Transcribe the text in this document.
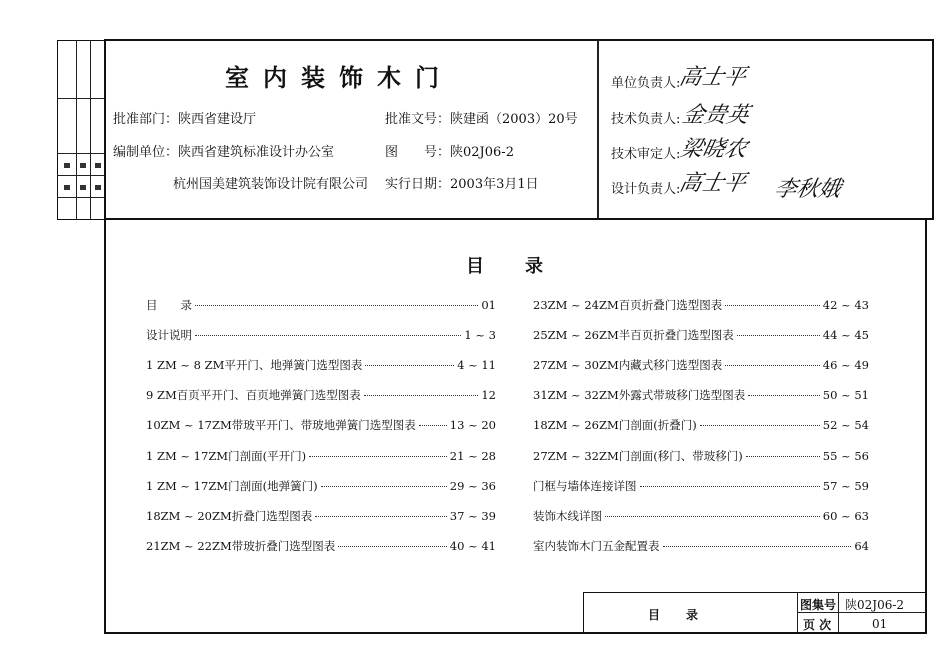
室内装饰木门
批准部门：陕西省建设厅
编制单位：陕西省建筑标准设计办公室
杭州国美建筑装饰设计院有限公司
批准文号：陕建函（2003）20号
图　　号：陕02J06-2
实行日期：2003年3月1日
单位负责人:
高士平
技术负责人: 金贵英
技术审定人:
梁晓农
设计负责人:
高士平 李秋娥
目 录
目　　录	01
设计说明	1 ~ 3
1 ZM ~ 8 ZM平开门、地弹簧门选型图表	4 ~ 11
9 ZM百页平开门、百页地弹簧门选型图表	12
10ZM ~ 17ZM带玻平开门、带玻地弹簧门选型图表	13 ~ 20
1 ZM ~ 17ZM门剖面(平开门)	21 ~ 28
1 ZM ~ 17ZM门剖面(地弹簧门)	29 ~ 36
18ZM ~ 20ZM折叠门选型图表	37 ~ 39
21ZM ~ 22ZM带玻折叠门选型图表	40 ~ 41
23ZM ~ 24ZM百页折叠门选型图表	42 ~ 43
25ZM ~ 26ZM半百页折叠门选型图表	44 ~ 45
27ZM ~ 30ZM内藏式移门选型图表	46 ~ 49
31ZM ~ 32ZM外露式带玻移门选型图表	50 ~ 51
18ZM ~ 26ZM门剖面(折叠门)	52 ~ 54
27ZM ~ 32ZM门剖面(移门、带玻移门)	55 ~ 56
门框与墙体连接详图	57 ~ 59
装饰木线详图	60 ~ 63
室内装饰木门五金配置表	64
目 录
图集号 陕02J06-2
页 次	01
